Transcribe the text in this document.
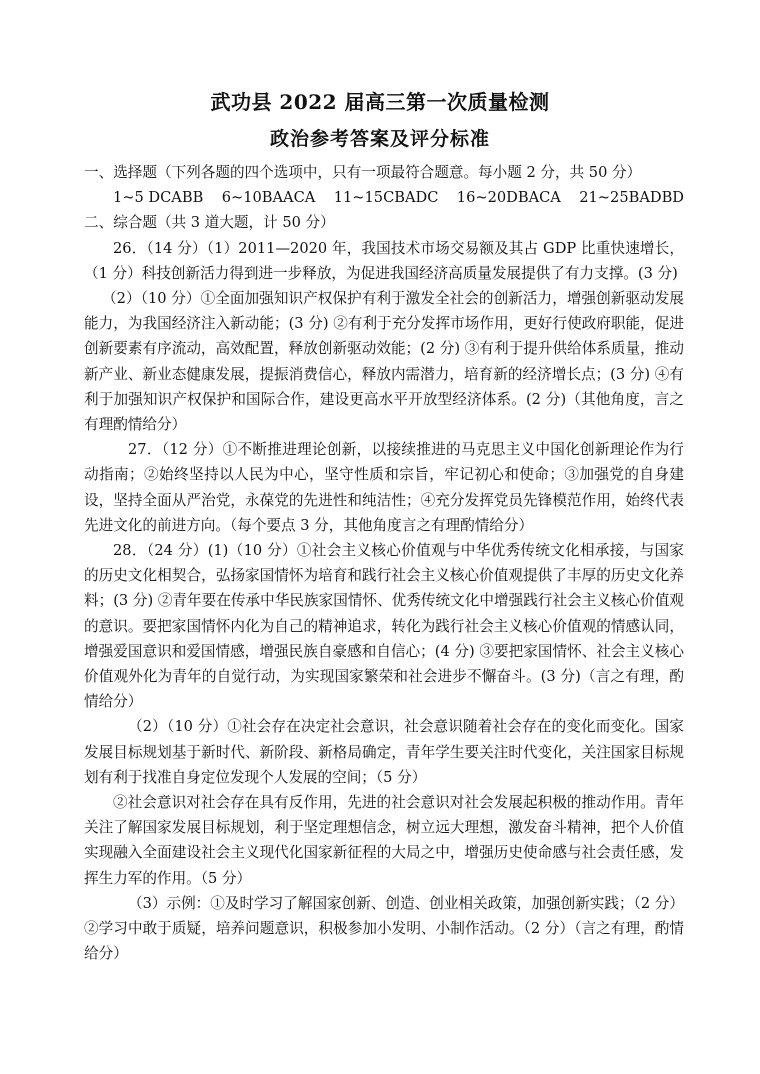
武功县 2022 届高三第一次质量检测
政治参考答案及评分标准

一、选择题（下列各题的四个选项中，只有一项最符合题意。每小题 2 分，共 50 分）

1~5 DCABB 6~10BAACA 11~15CBADC 16~20DBACA 21~25BADBD

二、综合题（共 3 道大题，计 50 分）

26．（14 分）（1）2011—2020 年，我国技术市场交易额及其占 GDP 比重快速增长，（1 分）科技创新活力得到进一步释放，为促进我国经济高质量发展提供了有力支撑。(3 分)

（2）（10 分）①全面加强知识产权保护有利于激发全社会的创新活力，增强创新驱动发展能力，为我国经济注入新动能；(3 分) ②有利于充分发挥市场作用，更好行使政府职能，促进创新要素有序流动，高效配置，释放创新驱动效能；(2 分) ③有利于提升供给体系质量，推动新产业、新业态健康发展，提振消费信心，释放内需潜力，培育新的经济增长点；(3 分) ④有利于加强知识产权保护和国际合作，建设更高水平开放型经济体系。(2 分)（其他角度，言之有理酌情给分）

27．（12 分）①不断推进理论创新，以接续推进的马克思主义中国化创新理论作为行动指南；②始终坚持以人民为中心，坚守性质和宗旨，牢记初心和使命；③加强党的自身建设，坚持全面从严治党，永葆党的先进性和纯洁性；④充分发挥党员先锋模范作用，始终代表先进文化的前进方向。（每个要点 3 分，其他角度言之有理酌情给分）

28．（24 分）(1)（10 分）①社会主义核心价值观与中华优秀传统文化相承接，与国家的历史文化相契合，弘扬家国情怀为培育和践行社会主义核心价值观提供了丰厚的历史文化养料；(3 分) ②青年要在传承中华民族家国情怀、优秀传统文化中增强践行社会主义核心价值观的意识。要把家国情怀内化为自己的精神追求，转化为践行社会主义核心价值观的情感认同，增强爱国意识和爱国情感，增强民族自豪感和自信心；(4 分) ③要把家国情怀、社会主义核心价值观外化为青年的自觉行动，为实现国家繁荣和社会进步不懈奋斗。(3 分)（言之有理，酌情给分）

（2）（10 分）①社会存在决定社会意识，社会意识随着社会存在的变化而变化。国家发展目标规划基于新时代、新阶段、新格局确定，青年学生要关注时代变化，关注国家目标规划有利于找准自身定位发现个人发展的空间；（5 分）

②社会意识对社会存在具有反作用，先进的社会意识对社会发展起积极的推动作用。青年关注了解国家发展目标规划，利于坚定理想信念，树立远大理想，激发奋斗精神，把个人价值实现融入全面建设社会主义现代化国家新征程的大局之中，增强历史使命感与社会责任感，发挥生力军的作用。（5 分）

（3）示例：①及时学习了解国家创新、创造、创业相关政策，加强创新实践；（2 分） ②学习中敢于质疑，培养问题意识，积极参加小发明、小制作活动。（2 分）（言之有理，酌情给分）
